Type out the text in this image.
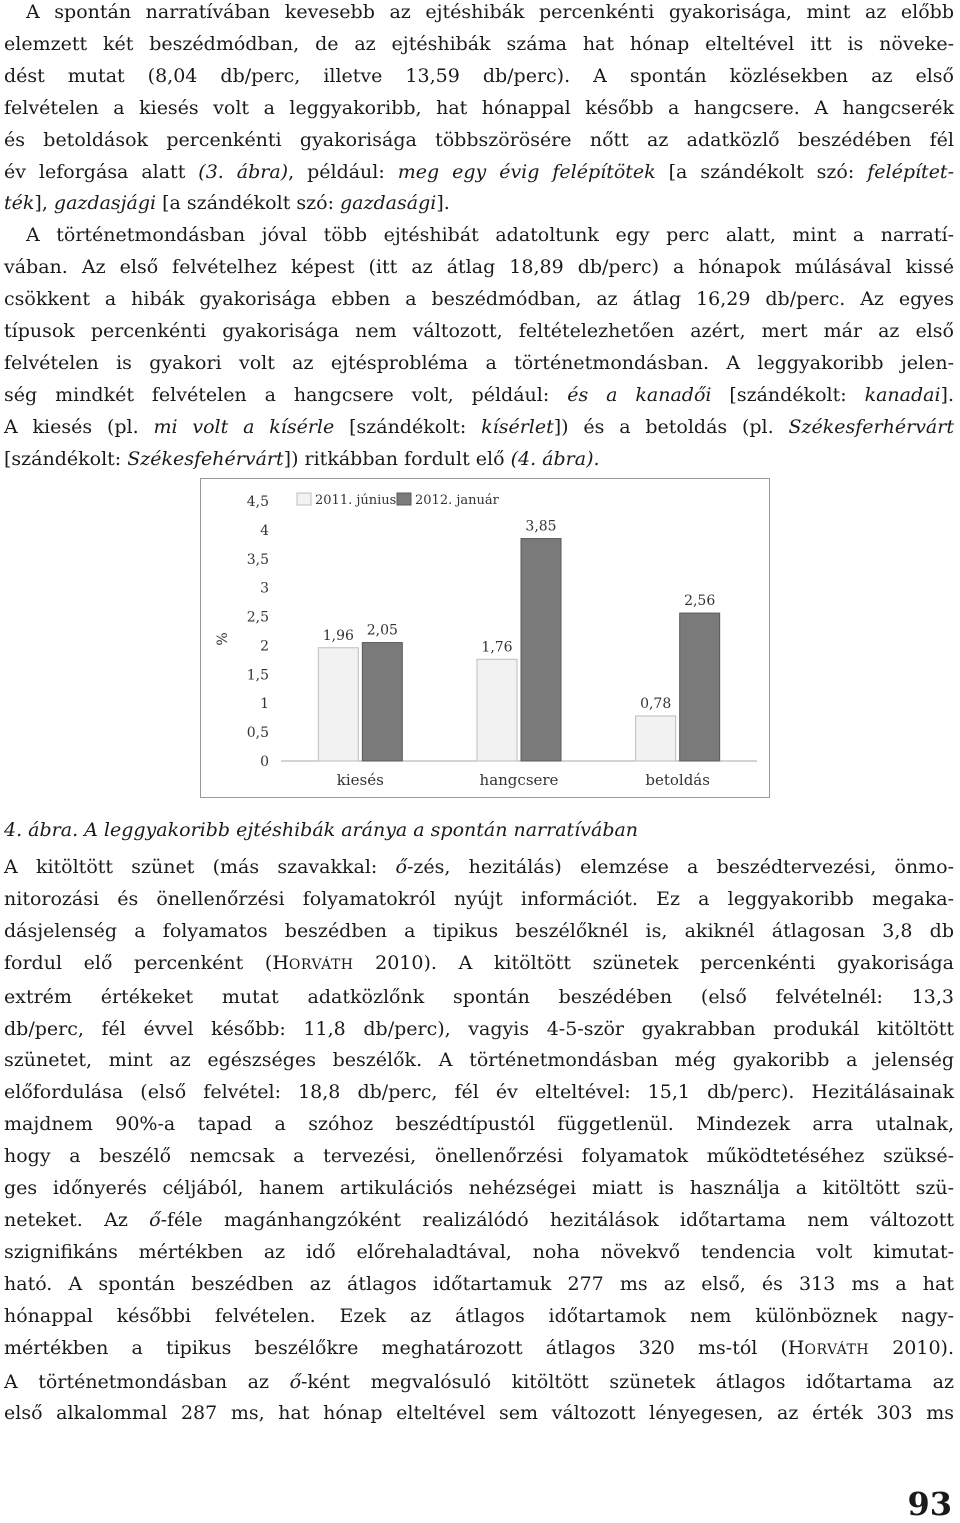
A spontán narratívában kevesebb az ejtéshibák percenkénti gyakorisága, mint az előbb
elemzett két beszédmódban, de az ejtéshibák száma hat hónap elteltével itt is növeke-
dést mutat (8,04 db/perc, illetve 13,59 db/perc). A spontán közlésekben az első
felvételen a kiesés volt a leggyakoribb, hat hónappal később a hangcsere. A hangcserék
és betoldások percenkénti gyakorisága többszörösére nőtt az adatközlő beszédében fél
év leforgása alatt (3. ábra), például: meg egy évig felépítötek [a szándékolt szó: felépítet-
ték], gazdasjági [a szándékolt szó: gazdasági].
A történetmondásban jóval több ejtéshibát adatoltunk egy perc alatt, mint a narratí-
vában. Az első felvételhez képest (itt az átlag 18,89 db/perc) a hónapok múlásával kissé
csökkent a hibák gyakorisága ebben a beszédmódban, az átlag 16,29 db/perc. Az egyes
típusok percenkénti gyakorisága nem változott, feltételezhetően azért, mert már az első
felvételen is gyakori volt az ejtésprobléma a történetmondásban. A leggyakoribb jelen-
ség mindkét felvételen a hangcsere volt, például: és a kanadői [szándékolt: kanadai].
A kiesés (pl. mi volt a kísérle [szándékolt: kísérlet]) és a betoldás (pl. Székesferhérvárt
[szándékolt: Székesfehérvárt]) ritkábban fordult elő (4. ábra).

0
0,5
1
1,5
2
2,5
3
3,5
4
4,5
%	1,96 2,05
kiesés
1,76
3,85
hangcsere
0,78
2,56
betoldás
2011. június 2012. január
4. ábra. A leggyakoribb ejtéshibák aránya a spontán narratívában

A kitöltött szünet (más szavakkal: ő-zés, hezitálás) elemzése a beszédtervezési, önmo-
nitorozási és önellenőrzési folyamatokról nyújt információt. Ez a leggyakoribb megaka-
dásjelenség a folyamatos beszédben a tipikus beszélőknél is, akiknél átlagosan 3,8 db
fordul elő percenként (HORVÁTH 2010). A kitöltött szünetek percenkénti gyakorisága
extrém értékeket mutat adatközlőnk spontán beszédében (első felvételnél: 13,3
db/perc, fél évvel később: 11,8 db/perc), vagyis 4-5-ször gyakrabban produkál kitöltött
szünetet, mint az egészséges beszélők. A történetmondásban még gyakoribb a jelenség
előfordulása (első felvétel: 18,8 db/perc, fél év elteltével: 15,1 db/perc). Hezitálásainak
majdnem 90%-a tapad a szóhoz beszédtípustól függetlenül. Mindezek arra utalnak,
hogy a beszélő nemcsak a tervezési, önellenőrzési folyamatok működtetéséhez szüksé-
ges időnyerés céljából, hanem artikulációs nehézségei miatt is használja a kitöltött szü-
neteket. Az ő-féle magánhangzóként realizálódó hezitálások időtartama nem változott
szignifikáns mértékben az idő előrehaladtával, noha növekvő tendencia volt kimutat-
ható. A spontán beszédben az átlagos időtartamuk 277 ms az első, és 313 ms a hat
hónappal későbbi felvételen. Ezek az átlagos időtartamok nem különböznek nagy-
mértékben a tipikus beszélőkre meghatározott átlagos 320 ms-tól (HORVÁTH 2010).
A történetmondásban az ő-ként megvalósuló kitöltött szünetek átlagos időtartama az
első alkalommal 287 ms, hat hónap elteltével sem változott lényegesen, az érték 303 ms

93
